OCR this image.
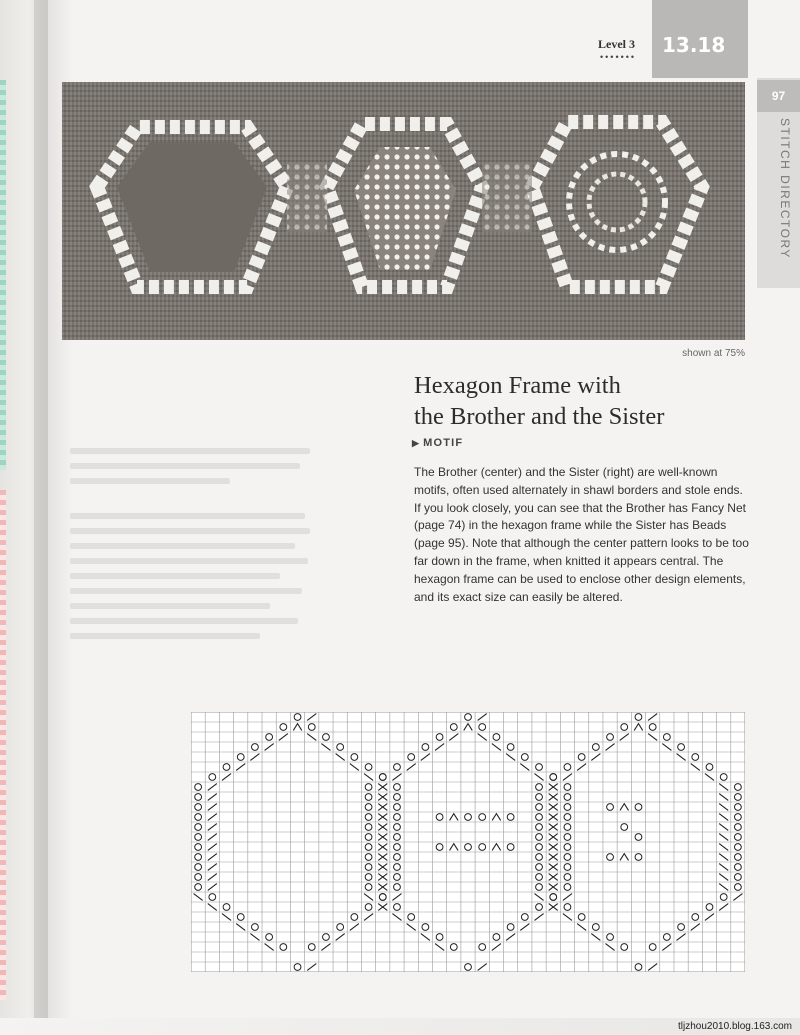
Level 3
••••••• 13.18
97
STITCH DIRECTORY
shown at 75%
Hexagon Frame with
the Brother and the Sister
▶ MOTIF
The Brother (center) and the Sister (right) are well-known motifs, often used alternately in shawl borders and stole ends. If you look closely, you can see that the Brother has Fancy Net (page 74) in the hexagon frame while the Sister has Beads (page 95). Note that although the center pattern looks to be too far down in the frame, when knitted it appears central. The hexagon frame can be used to enclose other design elements, and its exact size can easily be altered.
tljzhou2010.blog.163.com
